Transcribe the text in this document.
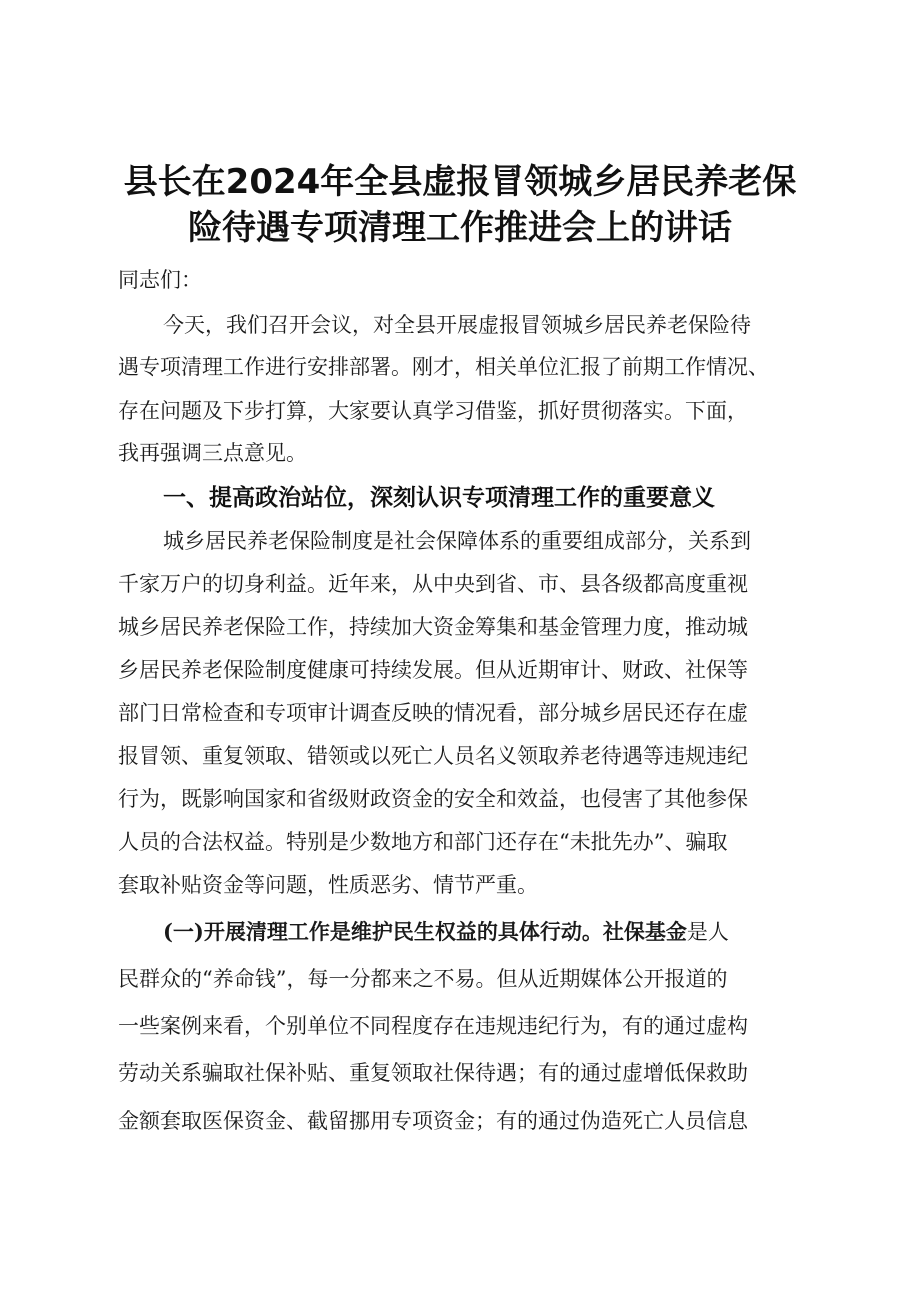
县长在2024年全县虚报冒领城乡居民养老保
险待遇专项清理工作推进会上的讲话
同志们：
今天，我们召开会议，对全县开展虚报冒领城乡居民养老保险待
遇专项清理工作进行安排部署。刚才，相关单位汇报了前期工作情况、
存在问题及下步打算，大家要认真学习借鉴，抓好贯彻落实。下面，
我再强调三点意见。
一、提高政治站位，深刻认识专项清理工作的重要意义
城乡居民养老保险制度是社会保障体系的重要组成部分，关系到
千家万户的切身利益。近年来，从中央到省、市、县各级都高度重视
城乡居民养老保险工作，持续加大资金筹集和基金管理力度，推动城
乡居民养老保险制度健康可持续发展。但从近期审计、财政、社保等
部门日常检查和专项审计调查反映的情况看，部分城乡居民还存在虚
报冒领、重复领取、错领或以死亡人员名义领取养老待遇等违规违纪
行为，既影响国家和省级财政资金的安全和效益，也侵害了其他参保
人员的合法权益。特别是少数地方和部门还存在“未批先办”、骗取
套取补贴资金等问题，性质恶劣、情节严重。
(一)开展清理工作是维护民生权益的具体行动。社保基金是人
民群众的“养命钱”，每一分都来之不易。但从近期媒体公开报道的
一些案例来看，个别单位不同程度存在违规违纪行为，有的通过虚构
劳动关系骗取社保补贴、重复领取社保待遇；有的通过虚增低保救助
金额套取医保资金、截留挪用专项资金；有的通过伪造死亡人员信息
